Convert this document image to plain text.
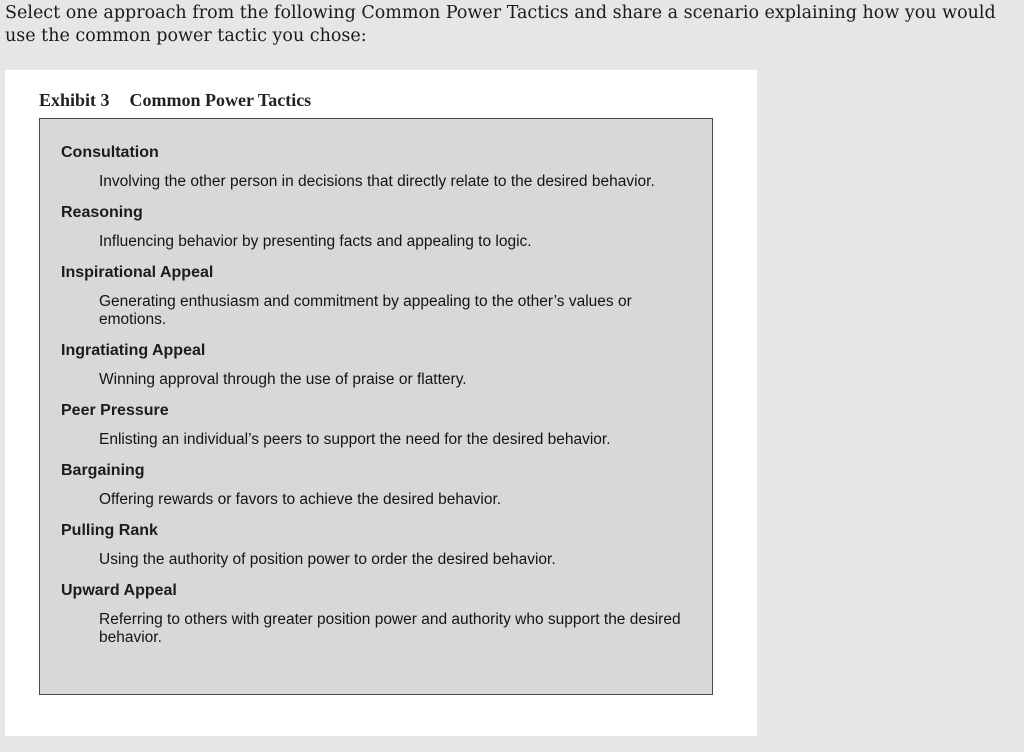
Select one approach from the following Common Power Tactics and share a scenario explaining how you would use the common power tactic you chose:

Exhibit 3 Common Power Tactics

Consultation

Involving the other person in decisions that directly relate to the desired behavior.

Reasoning

Influencing behavior by presenting facts and appealing to logic.

Inspirational Appeal

Generating enthusiasm and commitment by appealing to the other’s values or emotions.

Ingratiating Appeal

Winning approval through the use of praise or flattery.

Peer Pressure

Enlisting an individual’s peers to support the need for the desired behavior.

Bargaining

Offering rewards or favors to achieve the desired behavior.

Pulling Rank

Using the authority of position power to order the desired behavior.

Upward Appeal

Referring to others with greater position power and authority who support the desired behavior.
